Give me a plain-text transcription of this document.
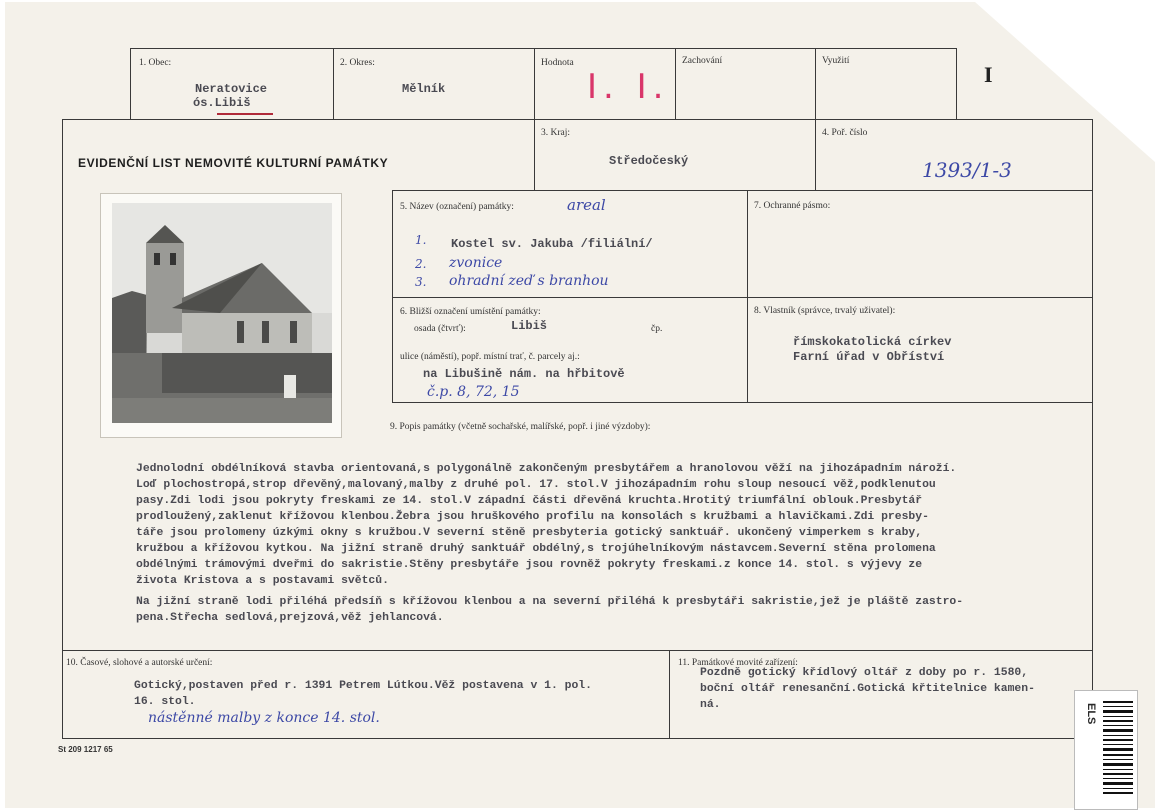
1. Obec:
Neratovice
ós.Libiš
2. Okres:
Mělník
Hodnota
I. I.
Zachování	Využití
I
EVIDENČNÍ LIST NEMOVITÉ KULTURNÍ PAMÁTKY
3. Kraj:
Středočeský
4. Poř. číslo
1393/1-3
5. Název (označení) památky:	areal
1. Kostel sv. Jakuba /filiální/
2. zvonice
3. ohradní zeď s branhou
7. Ochranné pásmo:
6. Bližší označení umístění památky:
osada (čtvrť):	Libiš	čp.
ulice (náměstí), popř. místní trať, č. parcely aj.:
na Libušině nám. na hřbitově
č.p. 8, 72, 15
8. Vlastník (správce, trvalý uživatel):
římskokatolická církev
Farní úřad v Obříství
9. Popis památky (včetně sochařské, malířské, popř. i jiné výzdoby):
Jednolodní obdélníková stavba orientovaná,s polygonálně zakončeným presbytářem a hranolovou věží na jihozápadním nároží.
Loď plochostropá,strop dřevěný,malovaný,malby z druhé pol. 17. stol.V jihozápadním rohu sloup nesoucí věž,podklenutou
pasy.Zdi lodi jsou pokryty freskami ze 14. stol.V západní části dřevěná kruchta.Hrotitý triumfální oblouk.Presbytář
prodloužený,zaklenut křížovou klenbou.Žebra jsou hruškového profilu na konsolách s kružbami a hlavičkami.Zdi presby-
táře jsou prolomeny úzkými okny s kružbou.V severní stěně presbyteria gotický sanktuář. ukončený vimperkem s kraby,
kružbou a křížovou kytkou. Na jižní straně druhý sanktuář obdélný,s trojúhelníkovým nástavcem.Severní stěna prolomena
obdélnými trámovými dveřmi do sakristie.Stěny presbytáře jsou rovněž pokryty freskami.z konce 14. stol. s výjevy ze
života Kristova a s postavami světců.
Na jižní straně lodi přiléhá předsíň s křížovou klenbou a na severní přiléhá k presbytáři sakristie,jež je pláště zastro-
pena.Střecha sedlová,prejzová,věž jehlancová.
10. Časové, slohové a autorské určení:
Gotický,postaven před r. 1391 Petrem Lútkou.Věž postavena v 1. pol.
16. stol.
nástěnné malby z konce 14. stol.
11. Památkové movité zařízení:
Pozdně gotický křídlový oltář z doby po r. 1580,
boční oltář renesanční.Gotická křtitelnice kamen-
ná.
St 209 1217 65
ELS
